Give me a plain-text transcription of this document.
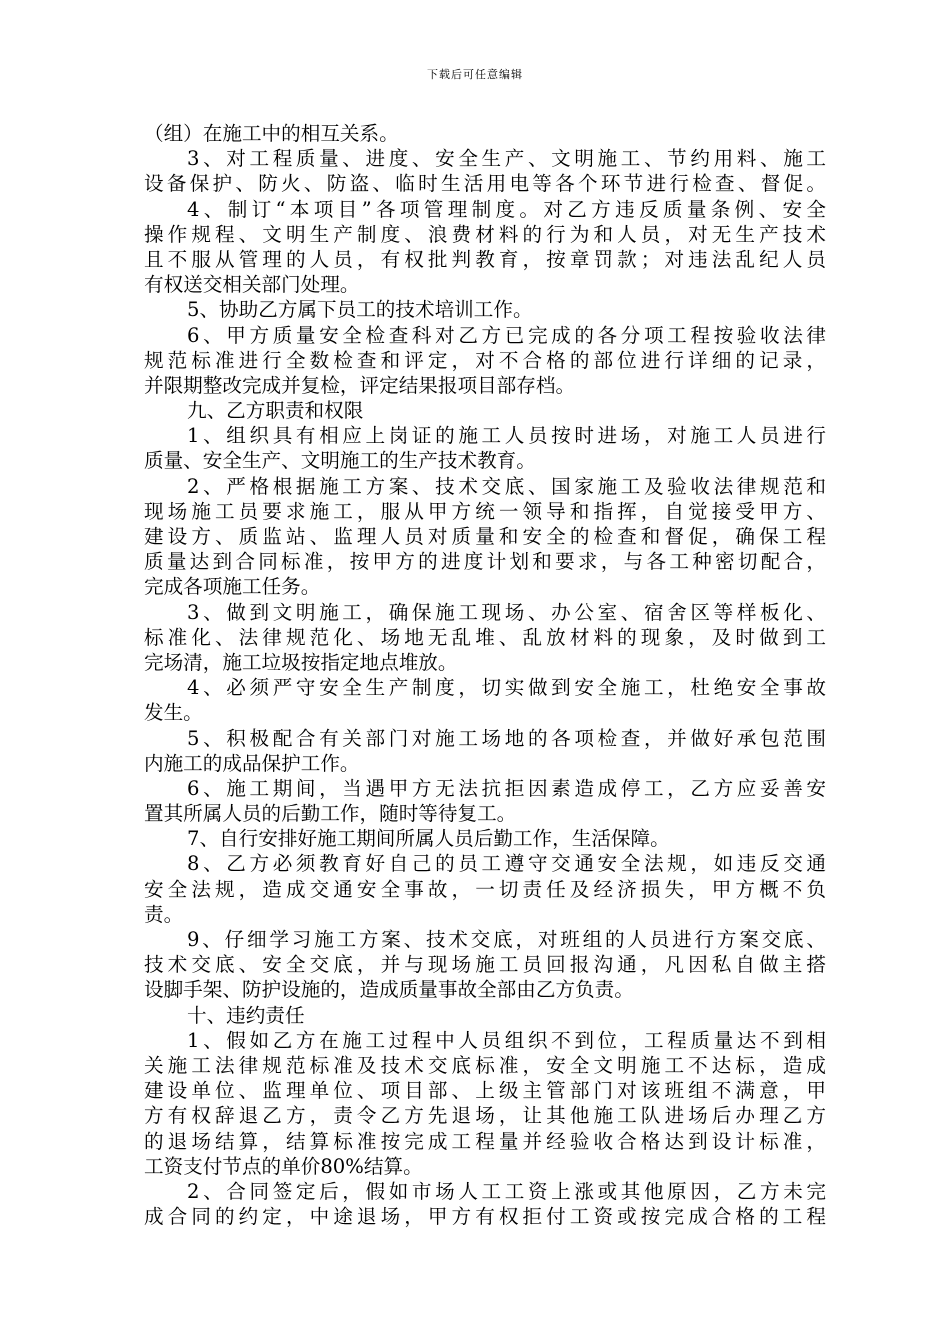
下载后可任意编辑
（组）在施工中的相互关系。
3、对工程质量、进度、安全生产、文明施工、节约用料、施工
设备保护、防火、防盗、临时生活用电等各个环节进行检查、督促。
4、制订“本项目”各项管理制度。对乙方违反质量条例、安全
操作规程、文明生产制度、浪费材料的行为和人员，对无生产技术
且不服从管理的人员，有权批判教育，按章罚款；对违法乱纪人员
有权送交相关部门处理。
5、协助乙方属下员工的技术培训工作。
6、甲方质量安全检查科对乙方已完成的各分项工程按验收法律
规范标准进行全数检查和评定，对不合格的部位进行详细的记录，
并限期整改完成并复检，评定结果报项目部存档。
九、乙方职责和权限
1、组织具有相应上岗证的施工人员按时进场，对施工人员进行
质量、安全生产、文明施工的生产技术教育。
2、严格根据施工方案、技术交底、国家施工及验收法律规范和
现场施工员要求施工，服从甲方统一领导和指挥，自觉接受甲方、
建设方、质监站、监理人员对质量和安全的检查和督促，确保工程
质量达到合同标准，按甲方的进度计划和要求，与各工种密切配合，
完成各项施工任务。
3、做到文明施工，确保施工现场、办公室、宿舍区等样板化、
标准化、法律规范化、场地无乱堆、乱放材料的现象，及时做到工
完场清，施工垃圾按指定地点堆放。
4、必须严守安全生产制度，切实做到安全施工，杜绝安全事故
发生。
5、积极配合有关部门对施工场地的各项检查，并做好承包范围
内施工的成品保护工作。
6、施工期间，当遇甲方无法抗拒因素造成停工，乙方应妥善安
置其所属人员的后勤工作，随时等待复工。
7、自行安排好施工期间所属人员后勤工作，生活保障。
8、乙方必须教育好自己的员工遵守交通安全法规，如违反交通
安全法规，造成交通安全事故，一切责任及经济损失，甲方概不负
责。
9、仔细学习施工方案、技术交底，对班组的人员进行方案交底、
技术交底、安全交底，并与现场施工员回报沟通，凡因私自做主搭
设脚手架、防护设施的，造成质量事故全部由乙方负责。
十、违约责任
1、假如乙方在施工过程中人员组织不到位，工程质量达不到相
关施工法律规范标准及技术交底标准，安全文明施工不达标，造成
建设单位、监理单位、项目部、上级主管部门对该班组不满意，甲
方有权辞退乙方，责令乙方先退场，让其他施工队进场后办理乙方
的退场结算，结算标准按完成工程量并经验收合格达到设计标准，
工资支付节点的单价80%结算。
2、合同签定后，假如市场人工工资上涨或其他原因，乙方未完
成合同的约定，中途退场，甲方有权拒付工资或按完成合格的工程
